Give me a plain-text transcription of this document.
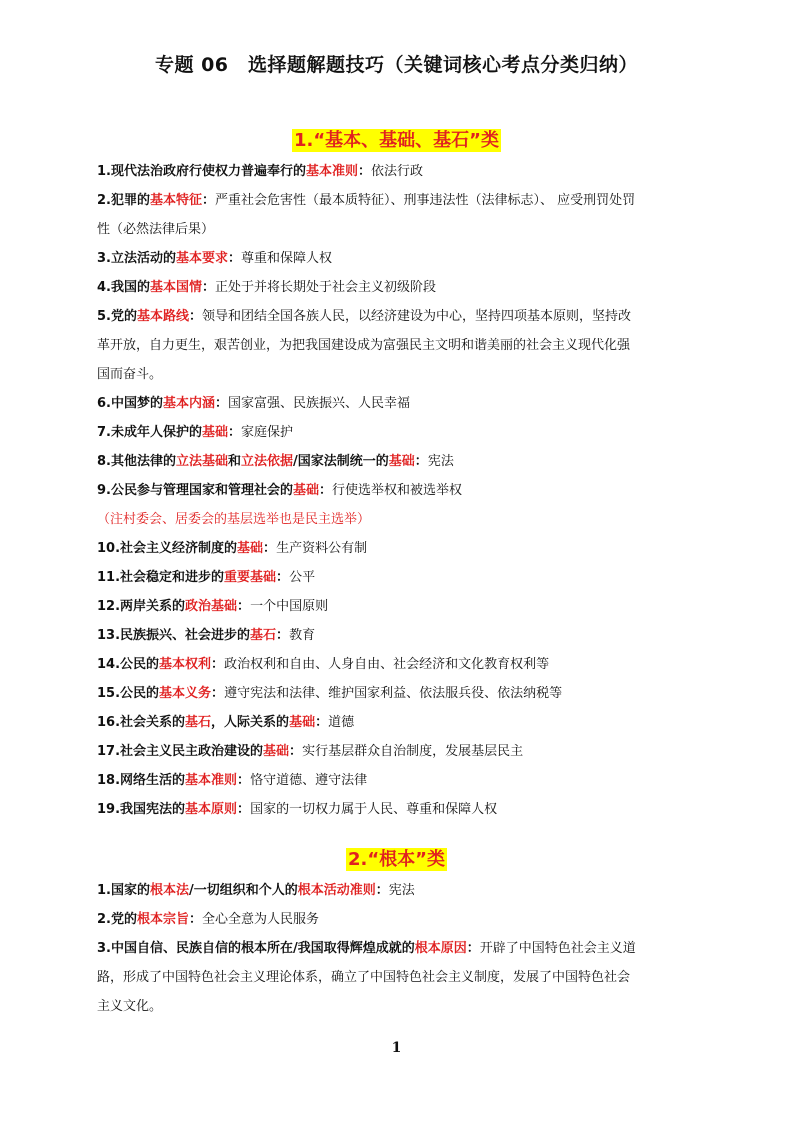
专题 06　选择题解题技巧（关键词核心考点分类归纳）
1.“基本、基础、基石”类
1.现代法治政府行使权力普遍奉行的基本准则：依法行政
2.犯罪的基本特征：严重社会危害性（最本质特征）、刑事违法性（法律标志）、 应受刑罚处罚
性（必然法律后果）
3.立法活动的基本要求：尊重和保障人权
4.我国的基本国情：正处于并将长期处于社会主义初级阶段
5.党的基本路线：领导和团结全国各族人民，以经济建设为中心，坚持四项基本原则，坚持改
革开放，自力更生，艰苦创业，为把我国建设成为富强民主文明和谐美丽的社会主义现代化强
国而奋斗。
6.中国梦的基本内涵：国家富强、民族振兴、人民幸福
7.未成年人保护的基础：家庭保护
8.其他法律的立法基础和立法依据/国家法制统一的基础：宪法
9.公民参与管理国家和管理社会的基础：行使选举权和被选举权
（注村委会、居委会的基层选举也是民主选举）
10.社会主义经济制度的基础：生产资料公有制
11.社会稳定和进步的重要基础：公平
12.两岸关系的政治基础：一个中国原则
13.民族振兴、社会进步的基石：教育
14.公民的基本权利：政治权利和自由、人身自由、社会经济和文化教育权利等
15.公民的基本义务：遵守宪法和法律、维护国家利益、依法服兵役、依法纳税等
16.社会关系的基石，人际关系的基础：道德
17.社会主义民主政治建设的基础：实行基层群众自治制度，发展基层民主
18.网络生活的基本准则：恪守道德、遵守法律
19.我国宪法的基本原则：国家的一切权力属于人民、尊重和保障人权
2.“根本”类
1.国家的根本法/一切组织和个人的根本活动准则：宪法
2.党的根本宗旨：全心全意为人民服务
3.中国自信、民族自信的根本所在/我国取得辉煌成就的根本原因：开辟了中国特色社会主义道
路，形成了中国特色社会主义理论体系，确立了中国特色社会主义制度，发展了中国特色社会
主义文化。
1
